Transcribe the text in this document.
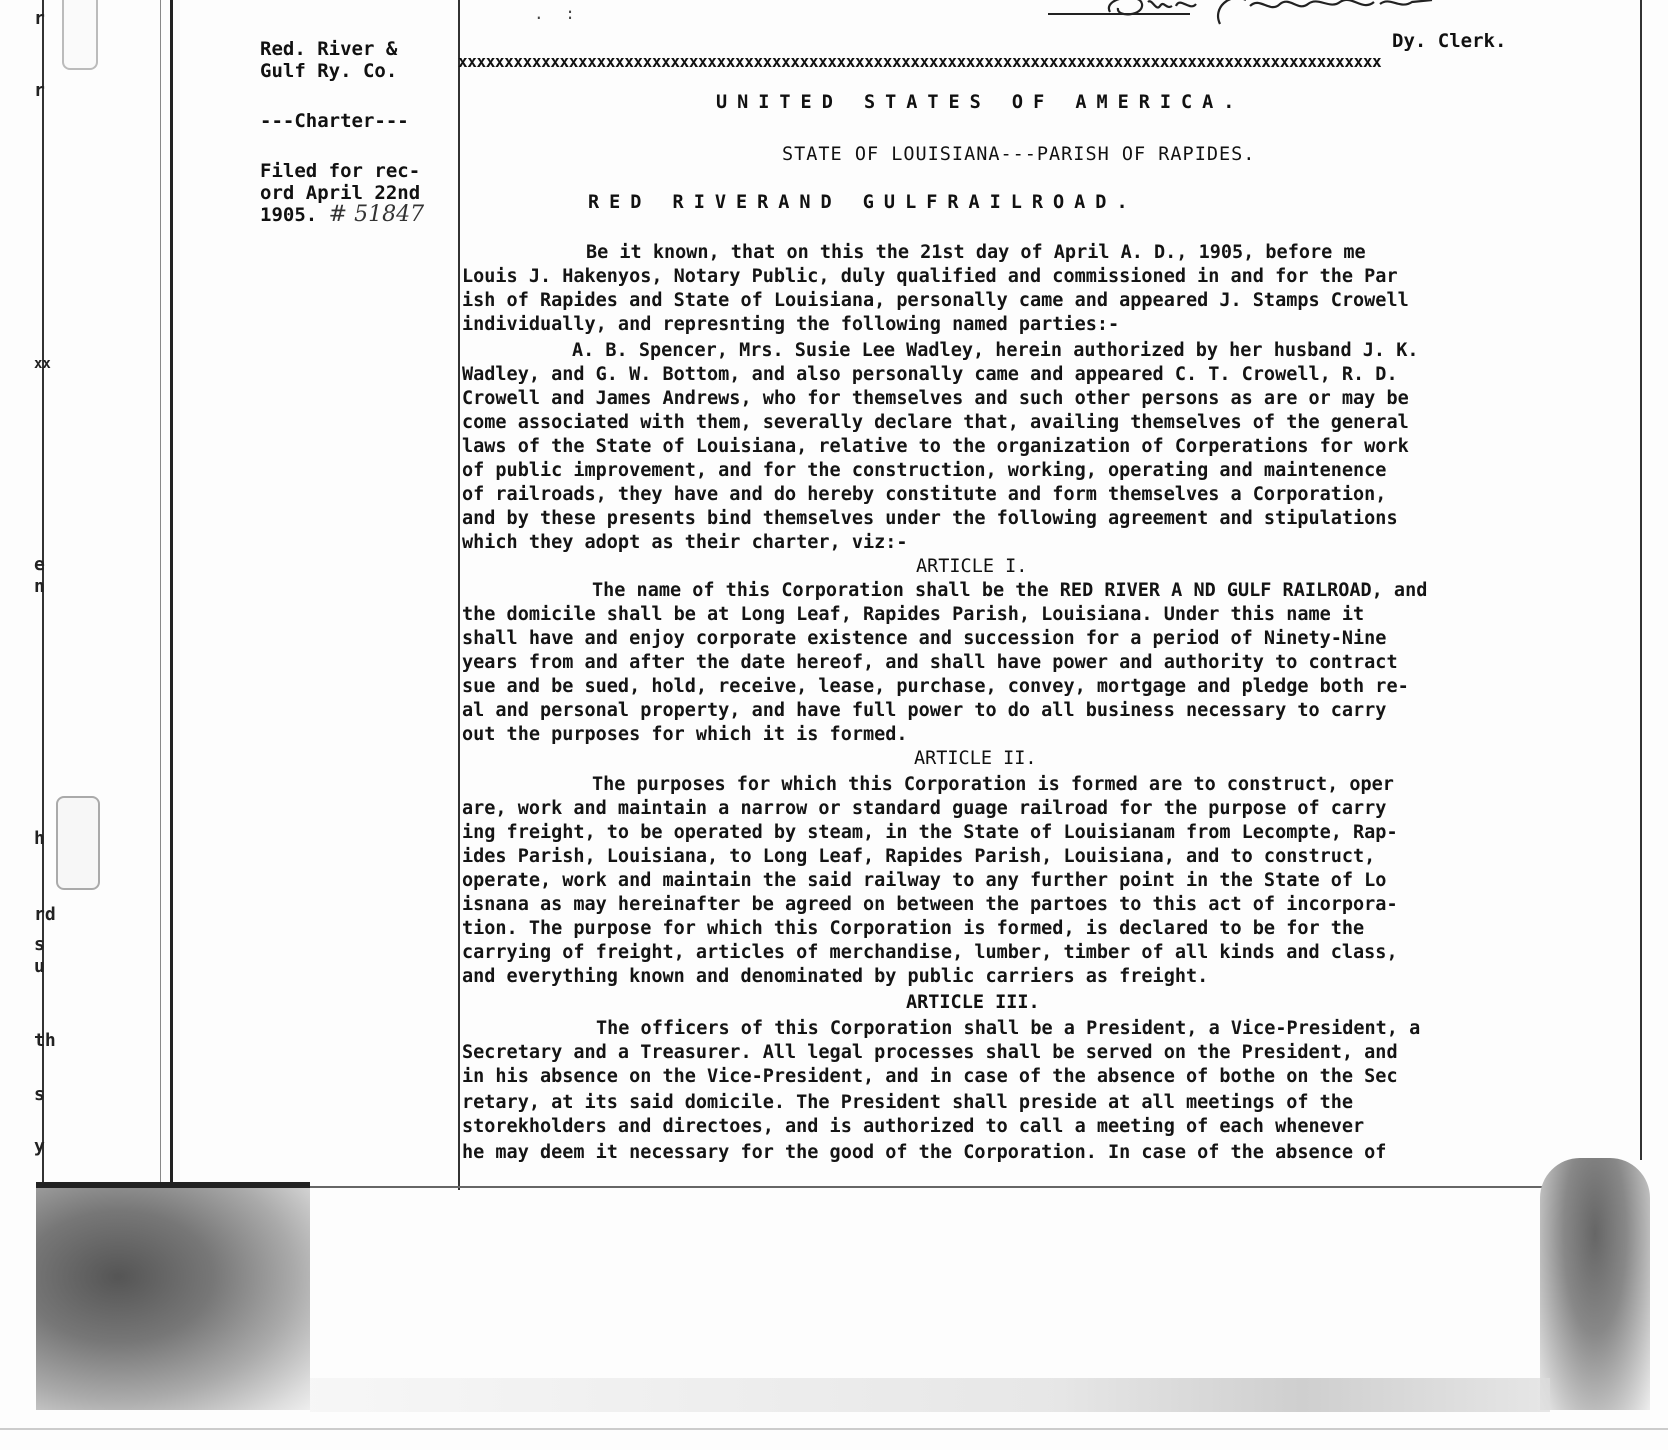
r
r
xx
e
n
h
rd
s
u
th
s
y

Red. River &

Gulf Ry. Co.

---Charter---

Filed for rec-

ord April 22nd

1905. # 51847

. :
Dy. Clerk.
xxxxxxxxxxxxxxxxxxxxxxxxxxxxxxxxxxxxxxxxxxxxxxxxxxxxxxxxxxxxxxxxxxxxxxxxxxxxxxxxxxxxxxxxxxxxxxxxxxxx
UNITED STATES OF AMERICA.
STATE OF LOUISIANA---PARISH OF RAPIDES.
RED RIVERAND GULFRAILROAD.
Be it known, that on this the 21st day of April A. D., 1905, before me
Louis J. Hakenyos, Notary Public, duly qualified and commissioned in and for the Par
ish of Rapides and State of Louisiana, personally came and appeared J. Stamps Crowell
individually, and represnting the following named parties:-
A. B. Spencer, Mrs. Susie Lee Wadley, herein authorized by her husband J. K.
Wadley, and G. W. Bottom, and also personally came and appeared C. T. Crowell, R. D.
Crowell and James Andrews, who for themselves and such other persons as are or may be
come associated with them, severally declare that, availing themselves of the general
laws of the State of Louisiana, relative to the organization of Corperations for work
of public improvement, and for the construction, working, operating and maintenence
of railroads, they have and do hereby constitute and form themselves a Corporation,
and by these presents bind themselves under the following agreement and stipulations
which they adopt as their charter, viz:-
ARTICLE I.
The name of this Corporation shall be the RED RIVER A ND GULF RAILROAD, and
the domicile shall be at Long Leaf, Rapides Parish, Louisiana. Under this name it
shall have and enjoy corporate existence and succession for a period of Ninety-Nine
years from and after the date hereof, and shall have power and authority to contract
sue and be sued, hold, receive, lease, purchase, convey, mortgage and pledge both re-
al and personal property, and have full power to do all business necessary to carry
out the purposes for which it is formed.
ARTICLE II.
The purposes for which this Corporation is formed are to construct, oper
are, work and maintain a narrow or standard guage railroad for the purpose of carry
ing freight, to be operated by steam, in the State of Louisianam from Lecompte, Rap-
ides Parish, Louisiana, to Long Leaf, Rapides Parish, Louisiana, and to construct,
operate, work and maintain the said railway to any further point in the State of Lo
isnana as may hereinafter be agreed on between the partoes to this act of incorpora-
tion. The purpose for which this Corporation is formed, is declared to be for the
carrying of freight, articles of merchandise, lumber, timber of all kinds and class,
and everything known and denominated by public carriers as freight.
ARTICLE III.
The officers of this Corporation shall be a President, a Vice-President, a
Secretary and a Treasurer. All legal processes shall be served on the President, and
in his absence on the Vice-President, and in case of the absence of bothe on the Sec
retary, at its said domicile. The President shall preside at all meetings of the
storekholders and directoes, and is authorized to call a meeting of each whenever
he may deem it necessary for the good of the Corporation. In case of the absence of
